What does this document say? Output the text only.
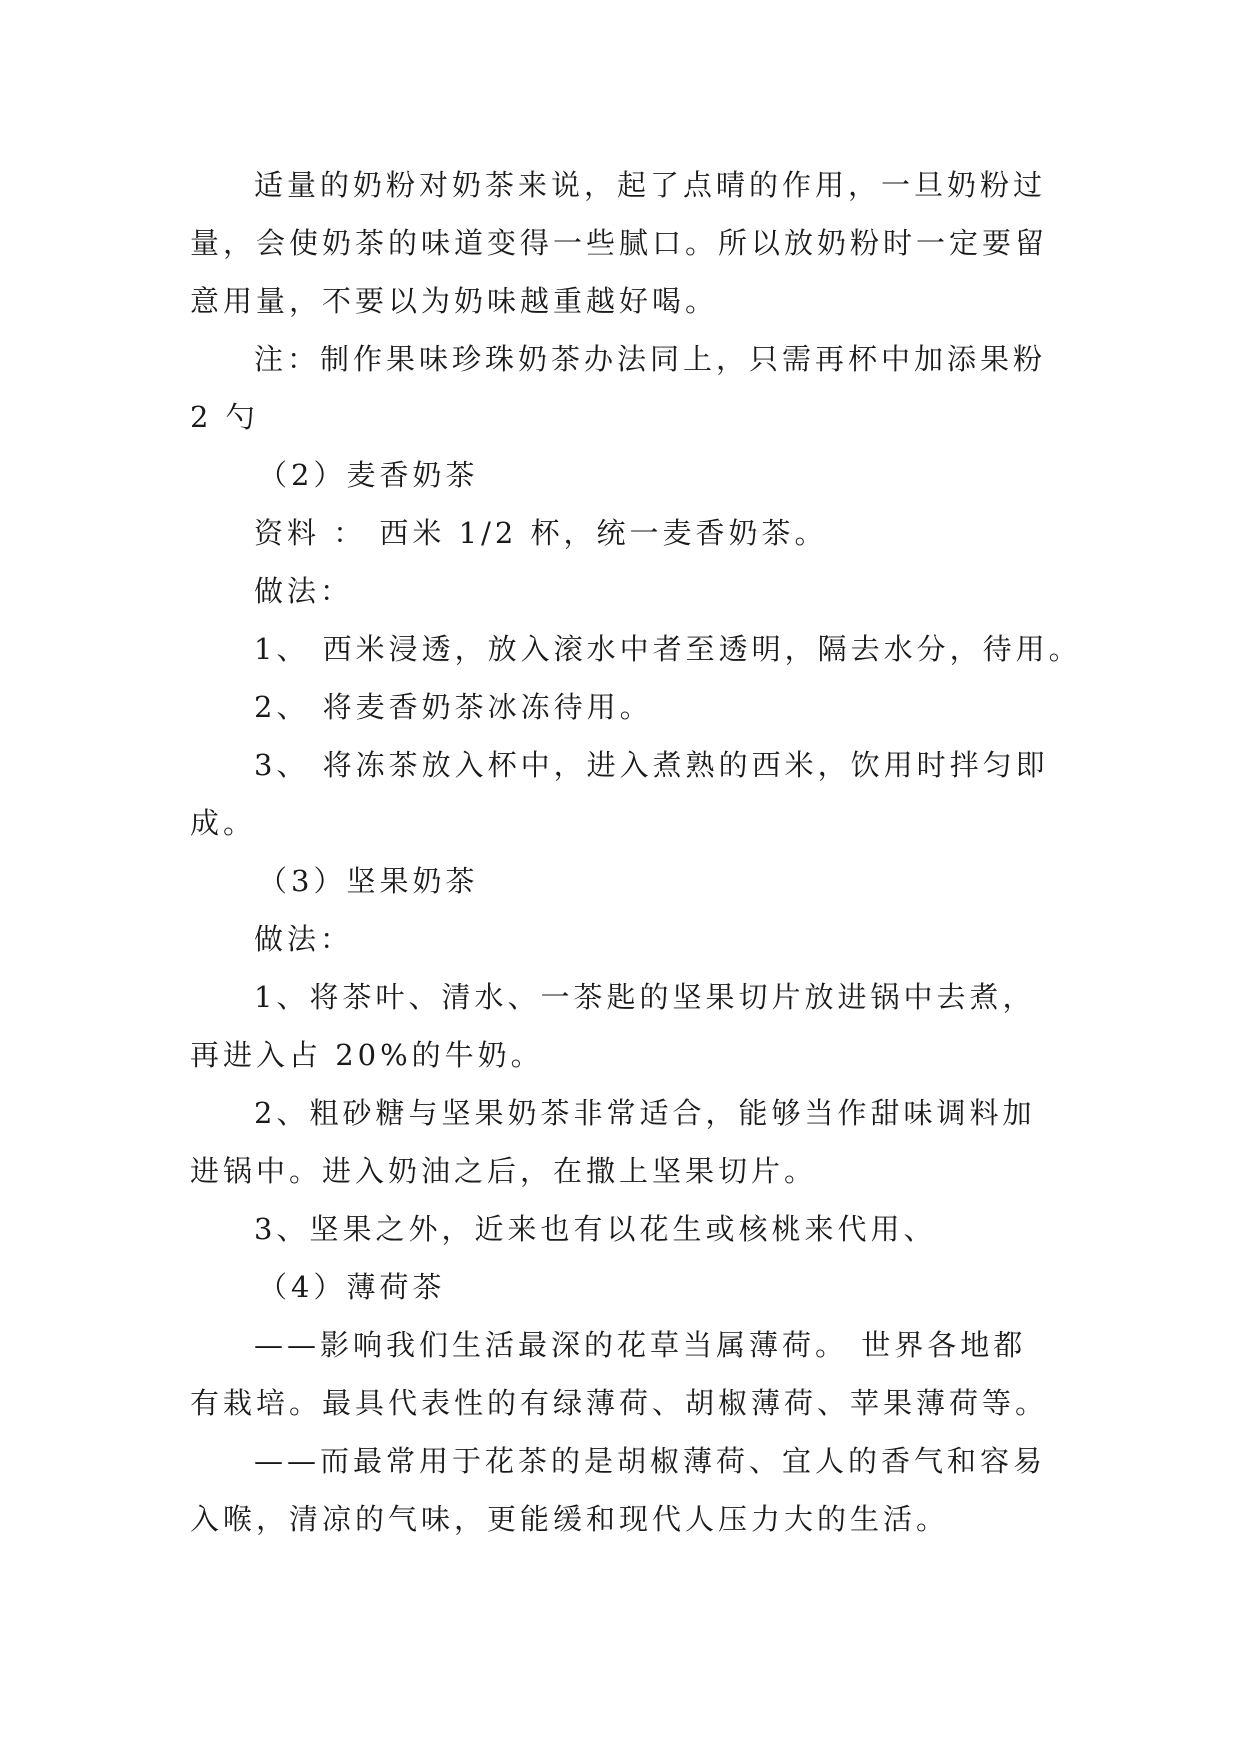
适量的奶粉对奶茶来说，起了点晴的作用，一旦奶粉过
量，会使奶茶的味道变得一些腻口。所以放奶粉时一定要留
意用量，不要以为奶味越重越好喝。
注：制作果味珍珠奶茶办法同上，只需再杯中加添果粉
2 勺
（2）麦香奶茶
资料 ： 西米 1/2 杯，统一麦香奶茶。
做法：
1、 西米浸透，放入滚水中者至透明，隔去水分，待用。
2、 将麦香奶茶冰冻待用。
3、 将冻茶放入杯中，进入煮熟的西米，饮用时拌匀即
成。
（3）坚果奶茶
做法：
1、将茶叶、清水、一茶匙的坚果切片放进锅中去煮，
再进入占 20%的牛奶。
2、粗砂糖与坚果奶茶非常适合，能够当作甜味调料加
进锅中。进入奶油之后，在撒上坚果切片。
3、坚果之外，近来也有以花生或核桃来代用、
（4）薄荷茶
——影响我们生活最深的花草当属薄荷。 世界各地都
有栽培。最具代表性的有绿薄荷、胡椒薄荷、苹果薄荷等。
——而最常用于花茶的是胡椒薄荷、宜人的香气和容易
入喉，清凉的气味，更能缓和现代人压力大的生活。
